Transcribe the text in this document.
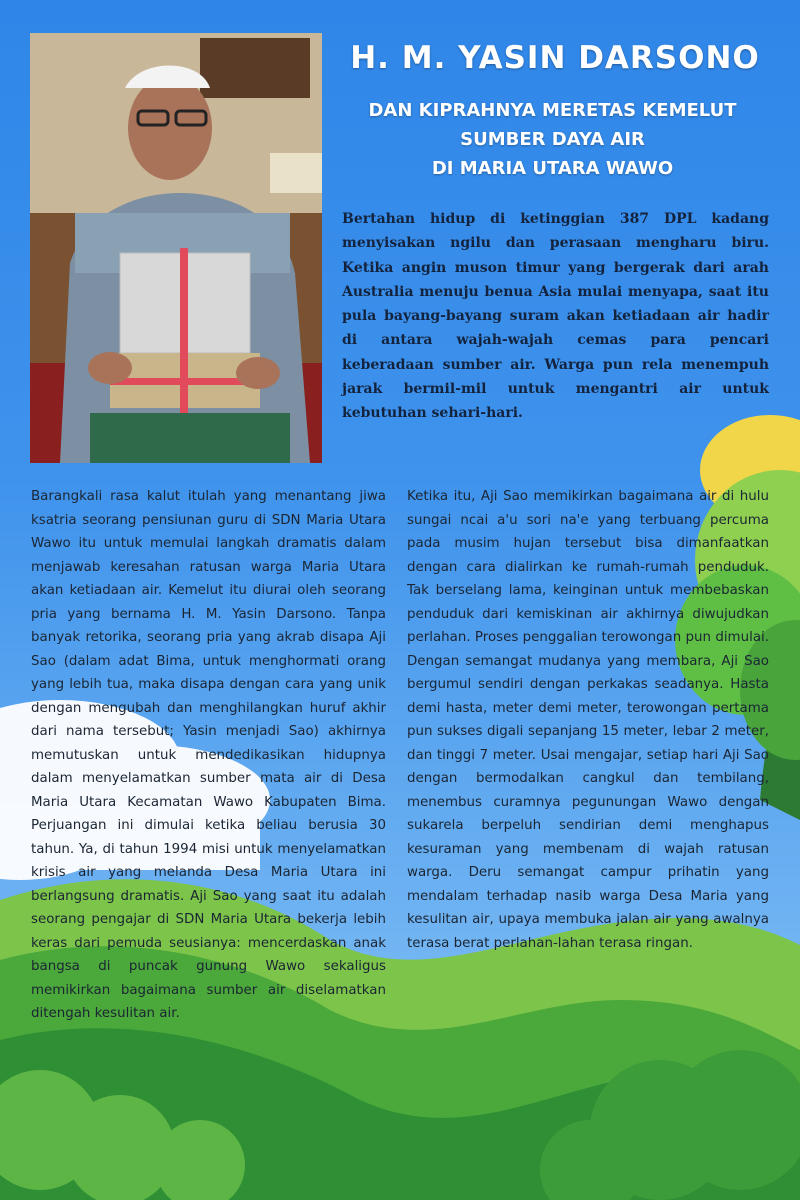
H. M. YASIN DARSONO
DAN KIPRAHNYA MERETAS KEMELUT
SUMBER DAYA AIR
DI MARIA UTARA WAWO

Bertahan hidup di ketinggian 387 DPL kadang menyisakan ngilu dan perasaan mengharu biru. Ketika angin muson timur yang bergerak dari arah Australia menuju benua Asia mulai menyapa, saat itu pula bayang-bayang suram akan ketiadaan air hadir di antara wajah-wajah cemas para pencari keberadaan sumber air. Warga pun rela menempuh jarak bermil-mil untuk mengantri air untuk kebutuhan sehari-hari.

Barangkali rasa kalut itulah yang menantang jiwa ksatria seorang pensiunan guru di SDN Maria Utara Wawo itu untuk memulai langkah dramatis dalam menjawab keresahan ratusan warga Maria Utara akan ketiadaan air. Kemelut itu diurai oleh seorang pria yang bernama H. M. Yasin Darsono. Tanpa banyak retorika, seorang pria yang akrab disapa Aji Sao (dalam adat Bima, untuk menghormati orang yang lebih tua, maka disapa dengan cara yang unik dengan mengubah dan menghilangkan huruf akhir dari nama tersebut; Yasin menjadi Sao) akhirnya memutuskan untuk mendedikasikan hidupnya dalam menyelamatkan sumber mata air di Desa Maria Utara Kecamatan Wawo Kabupaten Bima. Perjuangan ini dimulai ketika beliau berusia 30 tahun. Ya, di tahun 1994 misi untuk menyelamatkan krisis air yang melanda Desa Maria Utara ini berlangsung dramatis. Aji Sao yang saat itu adalah seorang pengajar di SDN Maria Utara bekerja lebih keras dari pemuda seusianya: mencerdaskan anak bangsa di puncak gunung Wawo sekaligus memikirkan bagaimana sumber air diselamatkan ditengah kesulitan air.

Ketika itu, Aji Sao memikirkan bagaimana air di hulu sungai ncai a'u sori na'e yang terbuang percuma pada musim hujan tersebut bisa dimanfaatkan dengan cara dialirkan ke rumah-rumah penduduk. Tak berselang lama, keinginan untuk membebaskan penduduk dari kemiskinan air akhirnya diwujudkan perlahan. Proses penggalian terowongan pun dimulai. Dengan semangat mudanya yang membara, Aji Sao bergumul sendiri dengan perkakas seadanya. Hasta demi hasta, meter demi meter, terowongan pertama pun sukses digali sepanjang 15 meter, lebar 2 meter, dan tinggi 7 meter. Usai mengajar, setiap hari Aji Sao dengan bermodalkan cangkul dan tembilang, menembus curamnya pegunungan Wawo dengan sukarela berpeluh sendirian demi menghapus kesuraman yang membenam di wajah ratusan warga. Deru semangat campur prihatin yang mendalam terhadap nasib warga Desa Maria yang kesulitan air, upaya membuka jalan air yang awalnya terasa berat perlahan-lahan terasa ringan.
